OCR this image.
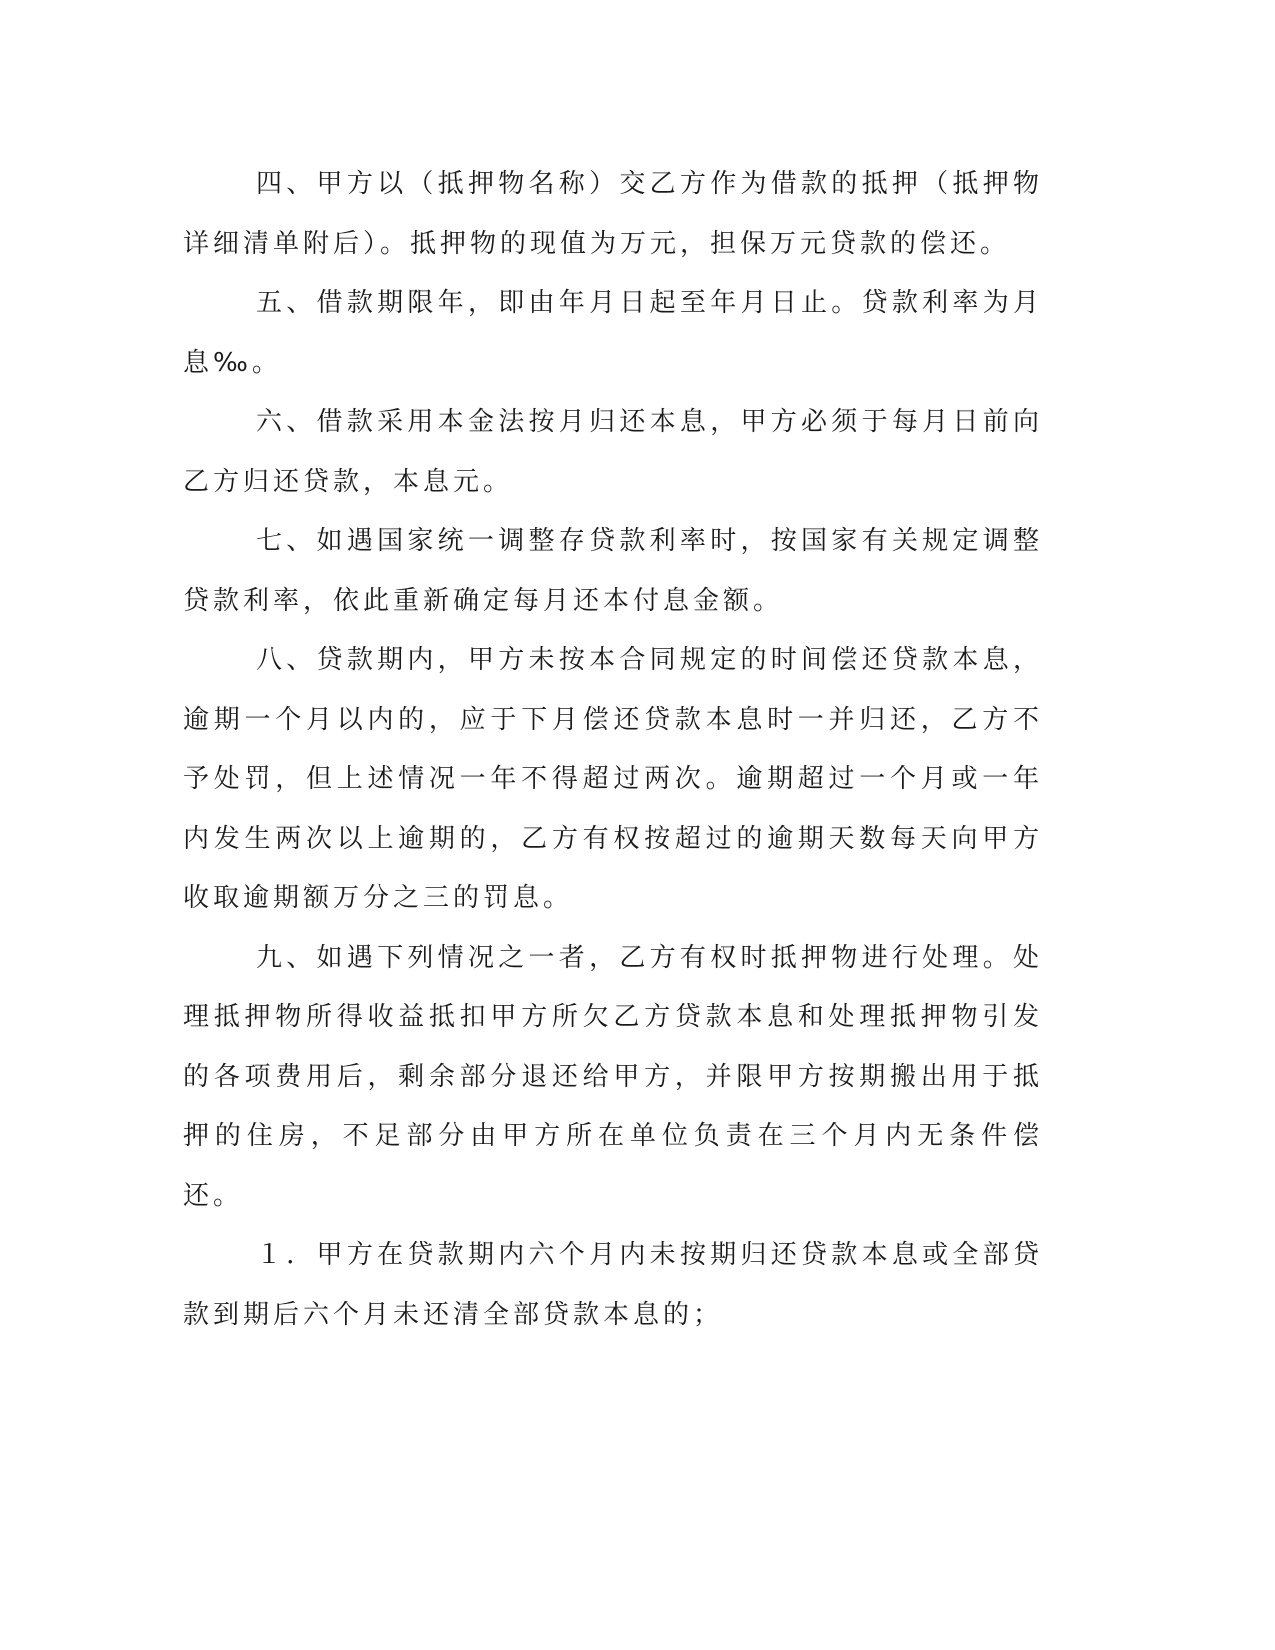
四、甲方以（抵押物名称）交乙方作为借款的抵押（抵押物详细清单附后）。抵押物的现值为万元，担保万元贷款的偿还。

五、借款期限年，即由年月日起至年月日止。贷款利率为月息‰。

六、借款采用本金法按月归还本息，甲方必须于每月日前向乙方归还贷款，本息元。

七、如遇国家统一调整存贷款利率时，按国家有关规定调整贷款利率，依此重新确定每月还本付息金额。

八、贷款期内，甲方未按本合同规定的时间偿还贷款本息，逾期一个月以内的，应于下月偿还贷款本息时一并归还，乙方不予处罚，但上述情况一年不得超过两次。逾期超过一个月或一年内发生两次以上逾期的，乙方有权按超过的逾期天数每天向甲方收取逾期额万分之三的罚息。

九、如遇下列情况之一者，乙方有权时抵押物进行处理。处理抵押物所得收益抵扣甲方所欠乙方贷款本息和处理抵押物引发的各项费用后，剩余部分退还给甲方，并限甲方按期搬出用于抵押的住房，不足部分由甲方所在单位负责在三个月内无条件偿还。

１．甲方在贷款期内六个月内未按期归还贷款本息或全部贷款到期后六个月未还清全部贷款本息的；
